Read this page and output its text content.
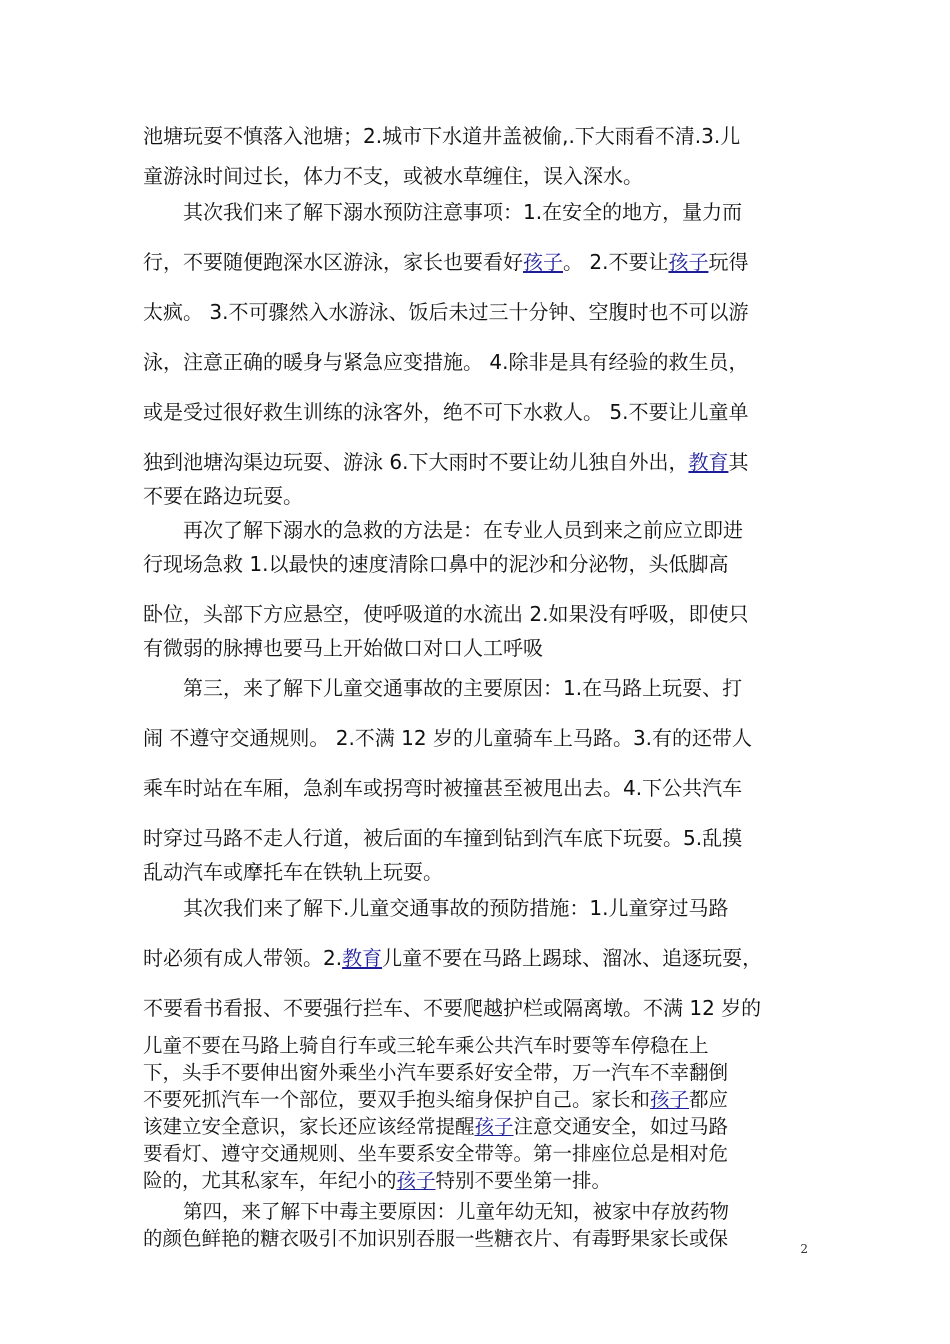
池塘玩耍不慎落入池塘；2.城市下水道井盖被偷,.下大雨看不清.3.儿
童游泳时间过长，体力不支，或被水草缠住，误入深水。
其次我们来了解下溺水预防注意事项：1.在安全的地方，量力而
行，不要随便跑深水区游泳，家长也要看好孩子。 2.不要让孩子玩得
太疯。 3.不可骤然入水游泳、饭后未过三十分钟、空腹时也不可以游
泳，注意正确的暖身与紧急应变措施。 4.除非是具有经验的救生员，
或是受过很好救生训练的泳客外，绝不可下水救人。 5.不要让儿童单
独到池塘沟渠边玩耍、游泳 6.下大雨时不要让幼儿独自外出，教育其
不要在路边玩耍。
再次了解下溺水的急救的方法是：在专业人员到来之前应立即进
行现场急救 1.以最快的速度清除口鼻中的泥沙和分泌物，头低脚高
卧位，头部下方应悬空，使呼吸道的水流出 2.如果没有呼吸，即使只
有微弱的脉搏也要马上开始做口对口人工呼吸
第三，来了解下儿童交通事故的主要原因：1.在马路上玩耍、打
闹 不遵守交通规则。 2.不满 12 岁的儿童骑车上马路。3.有的还带人
乘车时站在车厢，急刹车或拐弯时被撞甚至被甩出去。4.下公共汽车
时穿过马路不走人行道，被后面的车撞到钻到汽车底下玩耍。5.乱摸
乱动汽车或摩托车在铁轨上玩耍。
其次我们来了解下.儿童交通事故的预防措施：1.儿童穿过马路
时必须有成人带领。2.教育儿童不要在马路上踢球、溜冰、追逐玩耍，
不要看书看报、不要强行拦车、不要爬越护栏或隔离墩。不满 12 岁的
儿童不要在马路上骑自行车或三轮车乘公共汽车时要等车停稳在上
下，头手不要伸出窗外乘坐小汽车要系好安全带，万一汽车不幸翻倒
不要死抓汽车一个部位，要双手抱头缩身保护自己。家长和孩子都应
该建立安全意识，家长还应该经常提醒孩子注意交通安全，如过马路
要看灯、遵守交通规则、坐车要系安全带等。第一排座位总是相对危
险的，尤其私家车，年纪小的孩子特别不要坐第一排。
第四，来了解下中毒主要原因：儿童年幼无知，被家中存放药物
的颜色鲜艳的糖衣吸引不加识别吞服一些糖衣片、有毒野果家长或保	2
